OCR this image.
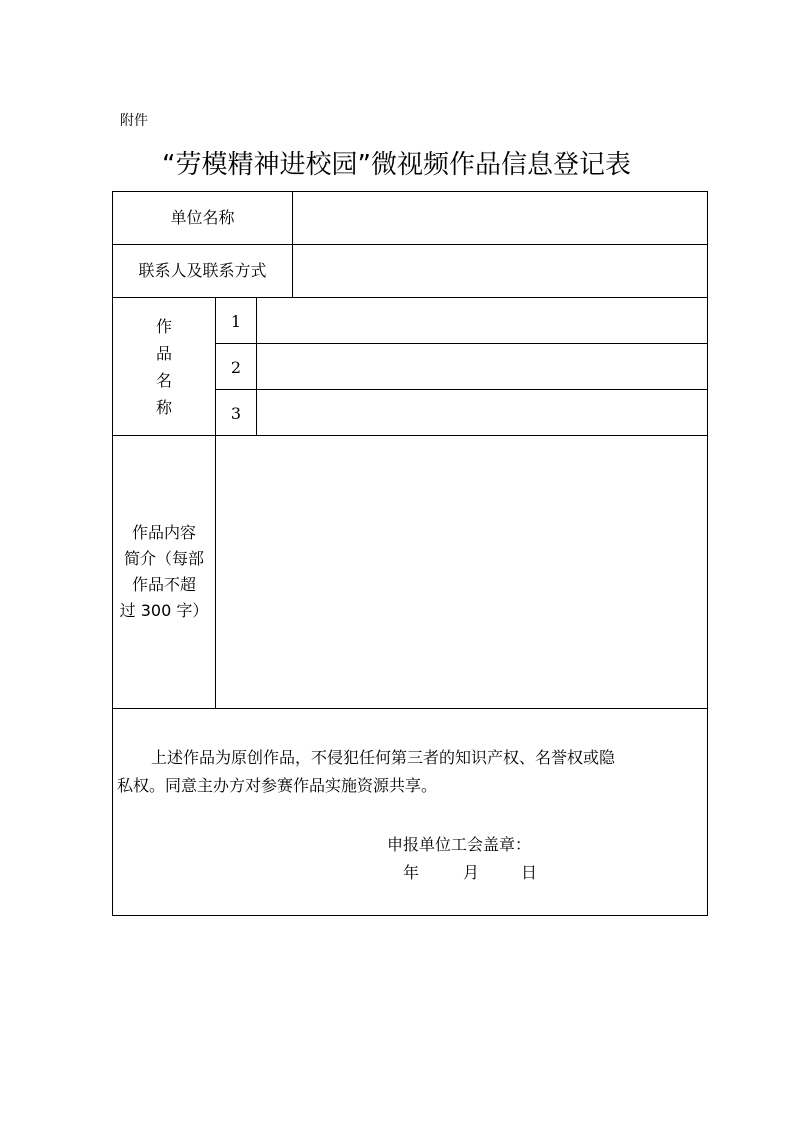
附件
“劳模精神进校园”微视频作品信息登记表
单位名称
联系人及联系方式
作
品
名
称
1
2
3
作品内容
简介（每部
作品不超
过 300 字）
上述作品为原创作品，不侵犯任何第三者的知识产权、名誉权或隐
私权。同意主办方对参赛作品实施资源共享。
申报单位工会盖章：
年	月	日
